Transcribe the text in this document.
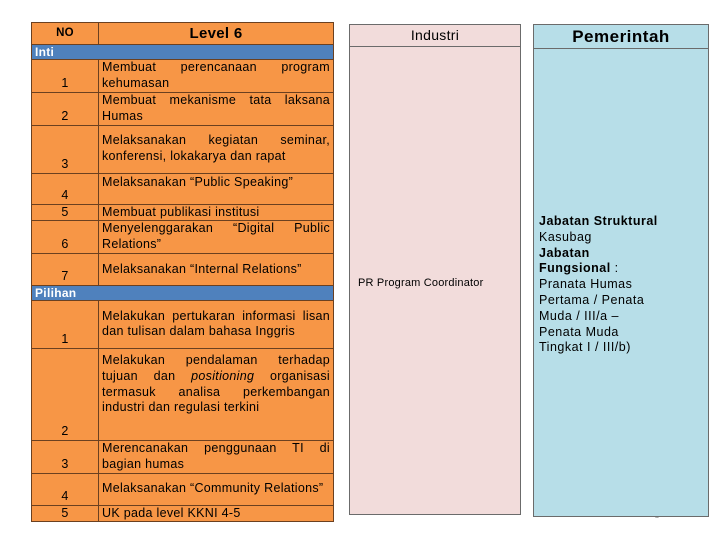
NO	Level 6
Inti	
1	Membuat perencanaan program kehumasan
2	Membuat mekanisme tata laksana Humas
3	Melaksanakan kegiatan seminar, konferensi, lokakarya dan rapat
4	Melaksanakan “Public Speaking”
5	Membuat publikasi institusi
6	Menyelenggarakan “Digital Public Relations”
7	Melaksanakan “Internal Relations”
Pilihan	
1	Melakukan pertukaran informasi lisan dan tulisan dalam bahasa Inggris
2	Melakukan pendalaman terhadap tujuan dan positioning organisasi termasuk analisa perkembangan industri dan regulasi terkini
3	Merencanakan penggunaan TI di bagian humas
4	Melaksanakan “Community Relations”
5	UK pada level KKNI 4-5
Industri
PR Program Coordinator
Pemerintah
Jabatan Struktural
Kasubag
Jabatan
Fungsional :
Pranata Humas
Pertama / Penata
Muda / III/a –
Penata Muda
Tingkat I / III/b)
